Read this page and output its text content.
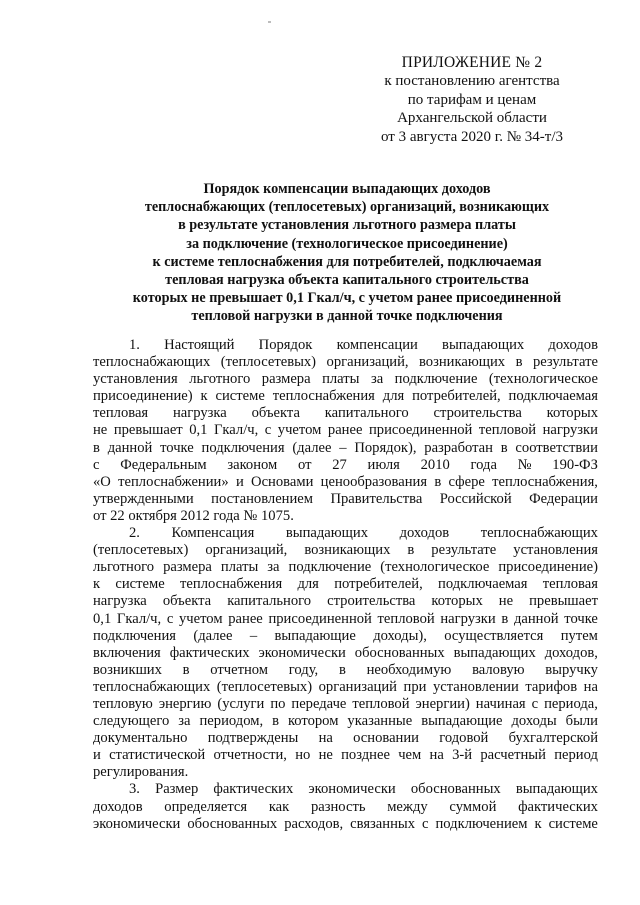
ПРИЛОЖЕНИЕ № 2
к постановлению агентства
по тарифам и ценам
Архангельской области
от 3 августа 2020 г. № 34-т/3
Порядок компенсации выпадающих доходов
теплоснабжающих (теплосетевых) организаций, возникающих
в результате установления льготного размера платы
за подключение (технологическое присоединение)
к системе теплоснабжения для потребителей, подключаемая
тепловая нагрузка объекта капитального строительства
которых не превышает 0,1 Гкал/ч, с учетом ранее присоединенной
тепловой нагрузки в данной точке подключения
1. Настоящий Порядок компенсации выпадающих доходов
теплоснабжающих (теплосетевых) организаций, возникающих в результате
установления льготного размера платы за подключение (технологическое
присоединение) к системе теплоснабжения для потребителей, подключаемая
тепловая нагрузка объекта капитального строительства которых
не превышает 0,1 Гкал/ч, с учетом ранее присоединенной тепловой нагрузки
в данной точке подключения (далее – Порядок), разработан в соответствии
с Федеральным законом от 27 июля 2010 года № 190-ФЗ
«О теплоснабжении» и Основами ценообразования в сфере теплоснабжения,
утвержденными постановлением Правительства Российской Федерации
от 22 октября 2012 года № 1075.
2. Компенсация выпадающих доходов теплоснабжающих
(теплосетевых) организаций, возникающих в результате установления
льготного размера платы за подключение (технологическое присоединение)
к системе теплоснабжения для потребителей, подключаемая тепловая
нагрузка объекта капитального строительства которых не превышает
0,1 Гкал/ч, с учетом ранее присоединенной тепловой нагрузки в данной точке
подключения (далее – выпадающие доходы), осуществляется путем
включения фактических экономически обоснованных выпадающих доходов,
возникших в отчетном году, в необходимую валовую выручку
теплоснабжающих (теплосетевых) организаций при установлении тарифов на
тепловую энергию (услуги по передаче тепловой энергии) начиная с периода,
следующего за периодом, в котором указанные выпадающие доходы были
документально подтверждены на основании годовой бухгалтерской
и статистической отчетности, но не позднее чем на 3-й расчетный период
регулирования.
3. Размер фактических экономически обоснованных выпадающих
доходов определяется как разность между суммой фактических
экономически обоснованных расходов, связанных с подключением к системе
